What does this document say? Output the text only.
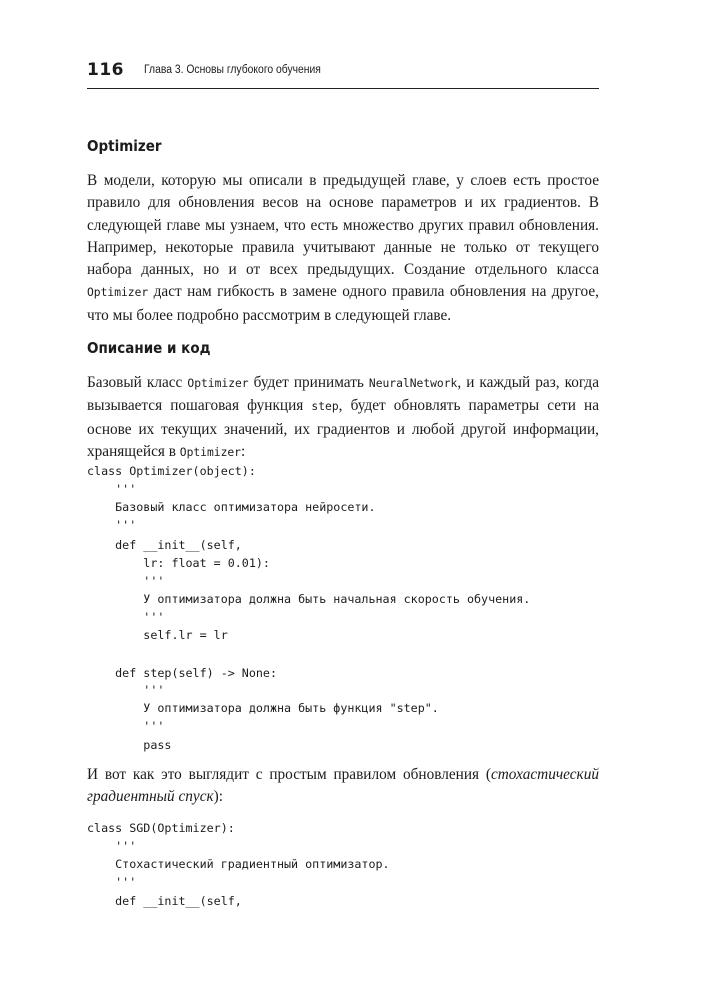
116 Глава 3. Основы глубокого обучения
Optimizer

В модели, которую мы описали в предыдущей главе, у слоев есть простое правило для обновления весов на основе параметров и их градиентов. В следующей главе мы узнаем, что есть множество других правил обновления. Например, некоторые правила учитывают данные не только от текущего набора данных, но и от всех предыдущих. Создание отдельного класса Optimizer даст нам гибкость в замене одного правила обновления на другое, что мы более подробно рассмотрим в следующей главе.

Описание и код

Базовый класс Optimizer будет принимать NeuralNetwork, и каждый раз, когда вызывается пошаговая функция step, будет обновлять параметры сети на основе их текущих значений, их градиентов и любой другой информации, хранящейся в Optimizer:

class Optimizer(object):
'''
Базовый класс оптимизатора нейросети.
'''
def __init__(self,
lr: float = 0.01):
'''
У оптимизатора должна быть начальная скорость обучения.
'''
self.lr = lr
def step(self) -> None:
'''
У оптимизатора должна быть функция "step".
'''
pass

И вот как это выглядит с простым правилом обновления (стохастический градиентный спуск):

class SGD(Optimizer):
'''
Стохастический градиентный оптимизатор.
'''
def __init__(self,
